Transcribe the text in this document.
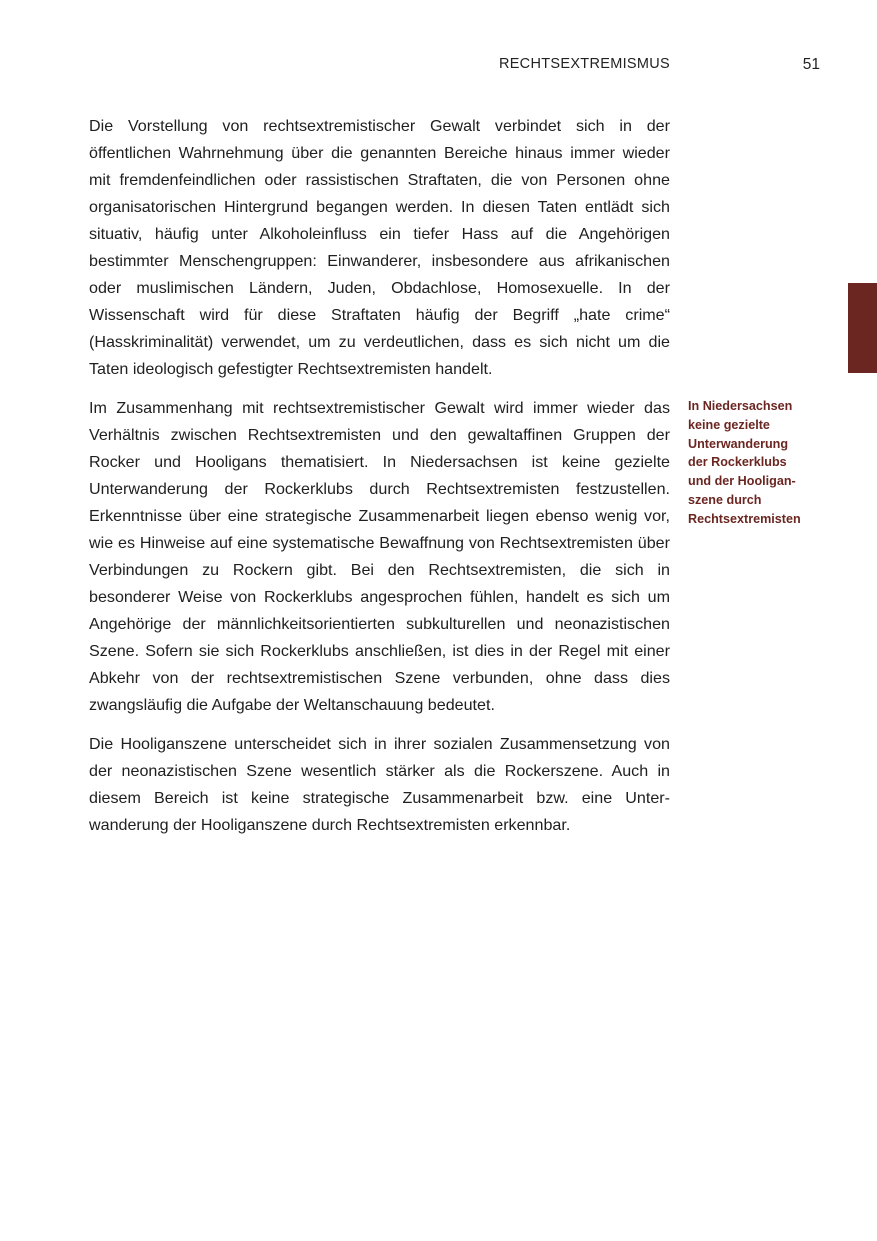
RECHTSEXTREMISMUS	51

Die Vorstellung von rechtsextremistischer Gewalt verbindet sich in der öffentlichen Wahrnehmung über die genannten Bereiche hinaus immer wieder mit fremdenfeindlichen oder rassistischen Straftaten, die von Personen ohne organisatorischen Hintergrund begangen werden. In diesen Taten entlädt sich situativ, häufig unter Alkoholeinfluss ein tiefer Hass auf die Angehörigen bestimmter Menschengruppen: Einwanderer, insbesondere aus afrikanischen oder muslimischen Ländern, Juden, Obdachlose, Homosexuelle. In der Wissenschaft wird für diese Straftaten häufig der Begriff „hate crime“ (Hasskriminalität) verwendet, um zu verdeutlichen, dass es sich nicht um die Taten ideologisch gefestigter Rechtsextremisten handelt.

Im Zusammenhang mit rechtsextremistischer Gewalt wird immer wieder das Verhältnis zwischen Rechtsextremisten und den gewaltaffinen Gruppen der Rocker und Hooligans thematisiert. In Niedersachsen ist keine gezielte Unterwanderung der Rockerklubs durch Rechtsextremisten festzustellen. Erkenntnisse über eine strategische Zusammenarbeit liegen ebenso wenig vor, wie es Hinweise auf eine systematische Bewaffnung von Rechtsextremisten über Verbindungen zu Rockern gibt. Bei den Rechtsextremisten, die sich in besonderer Weise von Rockerklubs angesprochen fühlen, handelt es sich um Angehörige der männlichkeitsorientierten subkulturellen und neonazistischen Szene. Sofern sie sich Rockerklubs anschließen, ist dies in der Regel mit einer Abkehr von der rechtsextremistischen Szene verbunden, ohne dass dies zwangsläufig die Aufgabe der Weltanschauung bedeutet.

Die Hooliganszene unterscheidet sich in ihrer sozialen Zusammensetzung von der neonazistischen Szene wesentlich stärker als die Rockerszene. Auch in diesem Bereich ist keine strategische Zusammenarbeit bzw. eine Unterwanderung der Hooliganszene durch Rechtsextremisten erkennbar.

In Niedersachsen
keine gezielte
Unterwanderung
der Rockerklubs
und der Hooligan-
szene durch
Rechtsextremisten
